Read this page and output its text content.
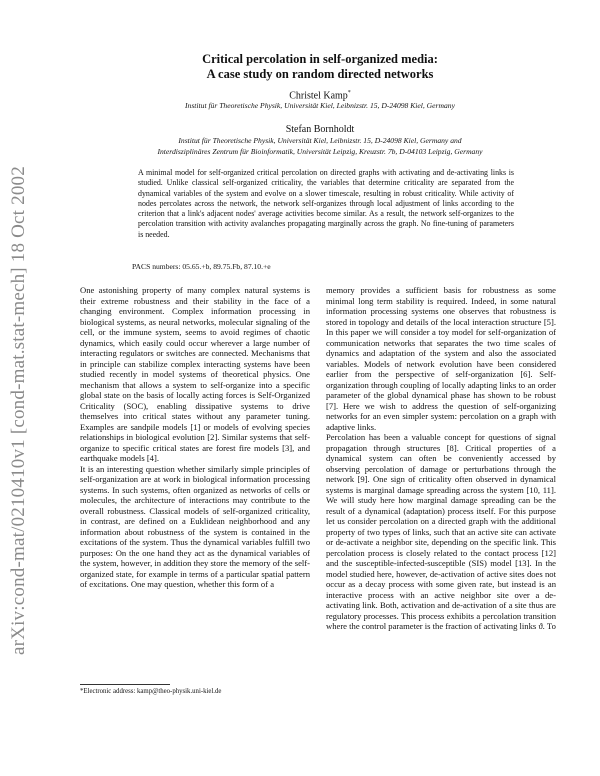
arXiv:cond-mat/0210410v1 [cond-mat.stat-mech] 18 Oct 2002
Critical percolation in self-organized media:
A case study on random directed networks
Christel Kamp*
Institut für Theoretische Physik, Universität Kiel, Leibnizstr. 15, D-24098 Kiel, Germany
Stefan Bornholdt
Institut für Theoretische Physik, Universität Kiel, Leibnizstr. 15, D-24098 Kiel, Germany and
Interdisziplinäres Zentrum für Bioinformatik, Universität Leipzig, Kreuzstr. 7b, D-04103 Leipzig, Germany

A minimal model for self-organized critical percolation on directed graphs with activating and de-activating links is studied. Unlike classical self-organized criticality, the variables that determine criticality are separated from the dynamical variables of the system and evolve on a slower timescale, resulting in robust criticality. While activity of nodes percolates across the network, the network self-organizes through local adjustment of links according to the criterion that a link's adjacent nodes' average activities become similar. As a result, the network self-organizes to the percolation transition with activity avalanches propagating marginally across the graph. No fine-tuning of parameters is needed.

PACS numbers: 05.65.+b, 89.75.Fb, 87.10.+e

One astonishing property of many complex natural systems is their extreme robustness and their stability in the face of a changing environment. Complex information processing in biological systems, as neural networks, molecular signaling of the cell, or the immune system, seems to avoid regimes of chaotic dynamics, which easily could occur wherever a large number of interacting regulators or switches are connected. Mechanisms that in principle can stabilize complex interacting systems have been studied recently in model systems of theoretical physics. One mechanism that allows a system to self-organize into a specific global state on the basis of locally acting forces is Self-Organized Criticality (SOC), enabling dissipative systems to drive themselves into critical states without any parameter tuning. Examples are sandpile models [1] or models of evolving species relationships in biological evolution [2]. Similar systems that self-organize to specific critical states are forest fire models [3], and earthquake models [4].

It is an interesting question whether similarly simple principles of self-organization are at work in biological information processing systems. In such systems, often organized as networks of cells or molecules, the architecture of interactions may contribute to the overall robustness. Classical models of self-organized criticality, in contrast, are defined on a Euklidean neighborhood and any information about robustness of the system is contained in the excitations of the system. Thus the dynamical variables fulfill two purposes: On the one hand they act as the dynamical variables of the system, however, in addition they store the memory of the self-organized state, for example in terms of a particular spatial pattern of excitations. One may question, whether this form of a

memory provides a sufficient basis for robustness as some minimal long term stability is required. Indeed, in some natural information processing systems one observes that robustness is stored in topology and details of the local interaction structure [5]. In this paper we will consider a toy model for self-organization of communication networks that separates the two time scales of dynamics and adaptation of the system and also the associated variables. Models of network evolution have been considered earlier from the perspective of self-organization [6]. Self-organization through coupling of locally adapting links to an order parameter of the global dynamical phase has shown to be robust [7]. Here we wish to address the question of self-organizing networks for an even simpler system: percolation on a graph with adaptive links.

Percolation has been a valuable concept for questions of signal propagation through structures [8]. Critical properties of a dynamical system can often be conveniently accessed by observing percolation of damage or perturbations through the network [9]. One sign of criticality often observed in dynamical systems is marginal damage spreading across the system [10, 11]. We will study here how marginal damage spreading can be the result of a dynamical (adaptation) process itself. For this purpose let us consider percolation on a directed graph with the additional property of two types of links, such that an active site can activate or de-activate a neighbor site, depending on the specific link. This percolation process is closely related to the contact process [12] and the susceptible-infected-susceptible (SIS) model [13]. In the model studied here, however, de-activation of active sites does not occur as a decay process with some given rate, but instead is an interactive process with an active neighbor site over a de-activating link. Both, activation and de-activation of a site thus are regulatory processes. This process exhibits a percolation transition where the control parameter is the fraction of activating links ϑ. To

*Electronic address: kamp@theo-physik.uni-kiel.de
